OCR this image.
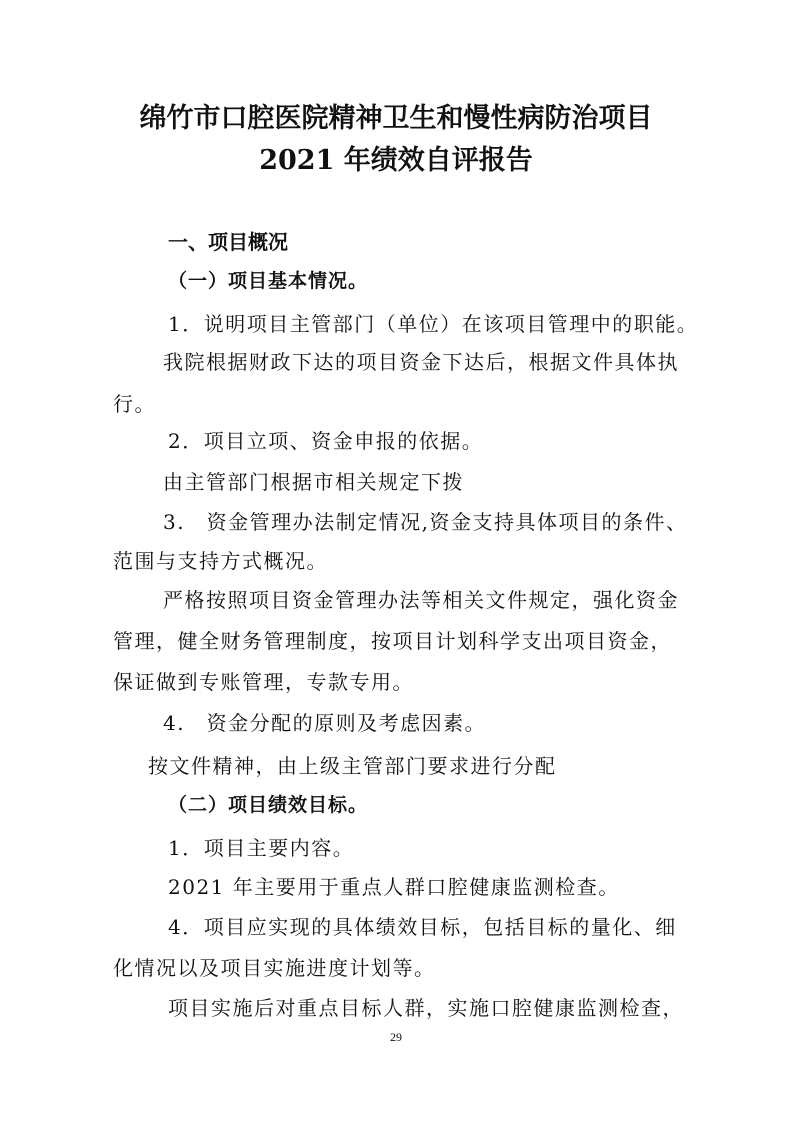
绵竹市口腔医院精神卫生和慢性病防治项目
2021 年绩效自评报告
一、项目概况
（一）项目基本情况。
1．说明项目主管部门（单位）在该项目管理中的职能。
我院根据财政下达的项目资金下达后，根据文件具体执
行。
2．项目立项、资金申报的依据。
由主管部门根据市相关规定下拨
3.　资金管理办法制定情况,资金支持具体项目的条件、
范围与支持方式概况。
严格按照项目资金管理办法等相关文件规定，强化资金
管理，健全财务管理制度，按项目计划科学支出项目资金，
保证做到专账管理，专款专用。
4.　资金分配的原则及考虑因素。
按文件精神，由上级主管部门要求进行分配
（二）项目绩效目标。
1．项目主要内容。
2021 年主要用于重点人群口腔健康监测检查。
4．项目应实现的具体绩效目标，包括目标的量化、细
化情况以及项目实施进度计划等。
项目实施后对重点目标人群，实施口腔健康监测检查，
29
